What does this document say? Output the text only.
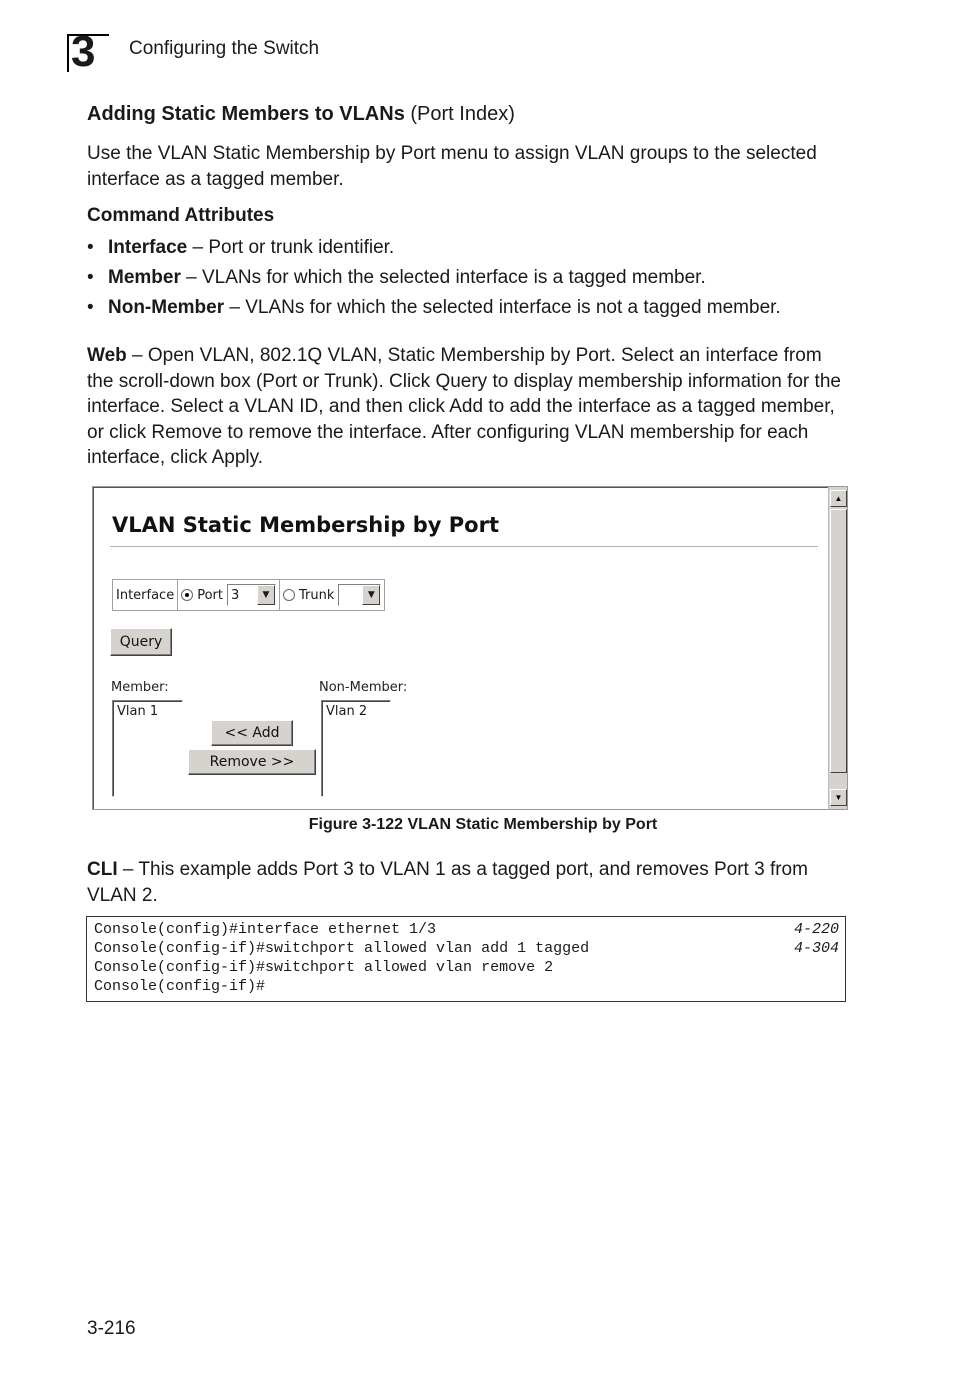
3 Configuring the Switch
Adding Static Members to VLANs (Port Index)
Use the VLAN Static Membership by Port menu to assign VLAN groups to the selected interface as a tagged member.
Command Attributes
• Interface – Port or trunk identifier.
• Member – VLANs for which the selected interface is a tagged member.
• Non-Member – VLANs for which the selected interface is not a tagged member.
Web – Open VLAN, 802.1Q VLAN, Static Membership by Port. Select an interface from the scroll-down box (Port or Trunk). Click Query to display membership information for the interface. Select a VLAN ID, and then click Add to add the interface as a tagged member, or click Remove to remove the interface. After configuring VLAN membership for each interface, click Apply.
VLAN Static Membership by Port
Interface	Port 3	▼	Trunk	▼
Query
Member:
Vlan 1
<< Add
Remove >>
Non-Member:
Vlan 2
▲
▼
Figure 3-122 VLAN Static Membership by Port
CLI – This example adds Port 3 to VLAN 1 as a tagged port, and removes Port 3 from VLAN 2.
Console(config)#interface ethernet 1/3	4-220
Console(config-if)#switchport allowed vlan add 1 tagged	4-304
Console(config-if)#switchport allowed vlan remove 2
Console(config-if)#
3-216
